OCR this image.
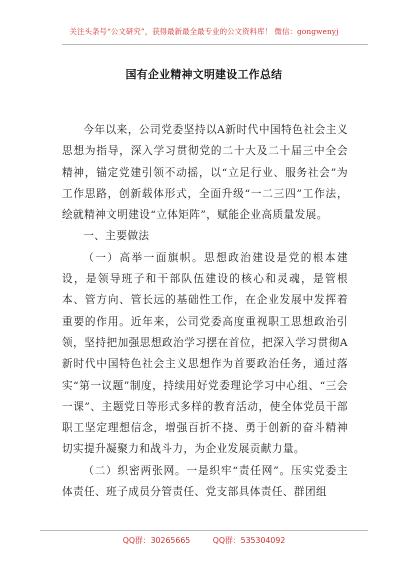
关注头条号“公文研究”，获得最新最全最专业的公文资料库！ 微信：gongwenyj
国有企业精神文明建设工作总结

今年以来，公司党委坚持以A新时代中国特色社会主义思想为指导，深入学习贯彻党的二十大及二十届三中全会精神，锚定党建引领不动摇，以“立足行业、服务社会”为工作思路，创新载体形式，全面升级“一二三四”工作法，绘就精神文明建设“立体矩阵”，赋能企业高质量发展。

一、主要做法

（一）高举一面旗帜。思想政治建设是党的根本建设，是领导班子和干部队伍建设的核心和灵魂，是管根本、管方向、管长远的基础性工作，在企业发展中发挥着重要的作用。近年来，公司党委高度重视职工思想政治引领，坚持把加强思想政治学习摆在首位，把深入学习贯彻A新时代中国特色社会主义思想作为首要政治任务，通过落实“第一议题”制度，持续用好党委理论学习中心组、“三会一课”、主题党日等形式多样的教育活动，使全体党员干部职工坚定理想信念，增强百折不挠、勇于创新的奋斗精神切实提升凝聚力和战斗力，为企业发展贡献力量。

（二）织密两张网。一是织牢“责任网”。压实党委主体责任、班子成员分管责任、党支部具体责任、群团组

QQ群：30265665	QQ群：535304092
